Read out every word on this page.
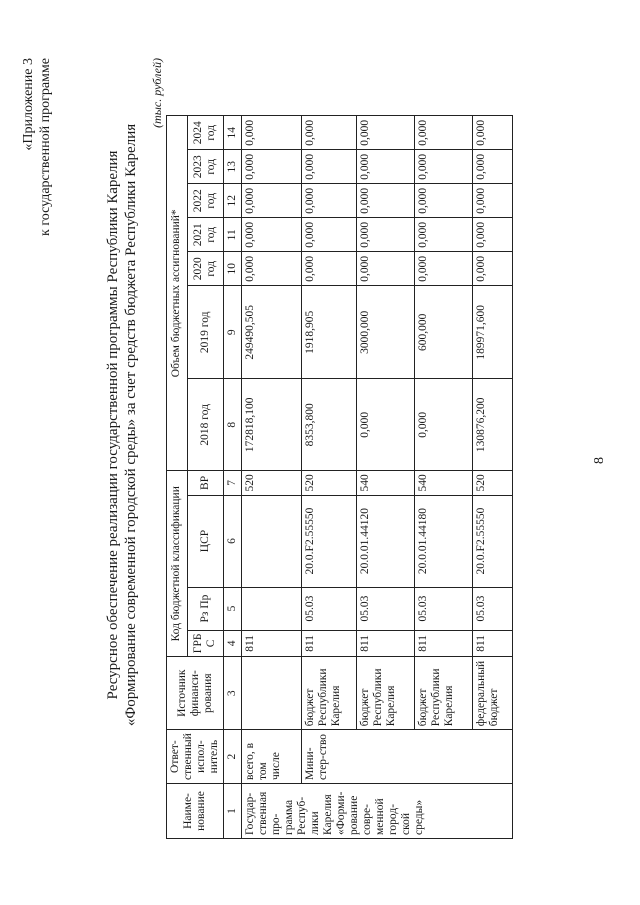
«Приложение 3 к государственной программе
Ресурсное обеспечение реализации государственной программы Республики Карелия «Формирование современной городской среды» за счет средств бюджета Республики Карелия
(тыс. рублей)
Наиме-нование	Ответ-ственный испол-нитель	Источник финанси-рования	Код бюджетной классификации				Объем бюджетных ассигнований*						
			ГРБ С	Рз Пр	ЦСР	ВР	2018 год	2019 год	2020 год	2021 год	2022 год	2023 год	2024 год
1	2	3	4	5	6	7	8	9	10	11	12	13	14
Государ-ственная про-грамма Респуб-лики Карелия «Форми-рование совре-менной город-ской среды»	всего, в том числе		811			520	172818,100	249490,505	0,000	0,000	0,000	0,000	0,000
	Мини-стер-ство	бюджет Республики Карелия	811	05.03	20.0.F2.55550	520	8353,800	1918,905	0,000	0,000	0,000	0,000	0,000
		бюджет Республики Карелия	811	05.03	20.0.01.44120	540	0,000	3000,000	0,000	0,000	0,000	0,000	0,000
		бюджет Республики Карелия	811	05.03	20.0.01.44180	540	0,000	600,000	0,000	0,000	0,000	0,000	0,000
		федеральный бюджет	811	05.03	20.0.F2.55550	520	130876,200	189971,600	0,000	0,000	0,000	0,000	0,000
8
